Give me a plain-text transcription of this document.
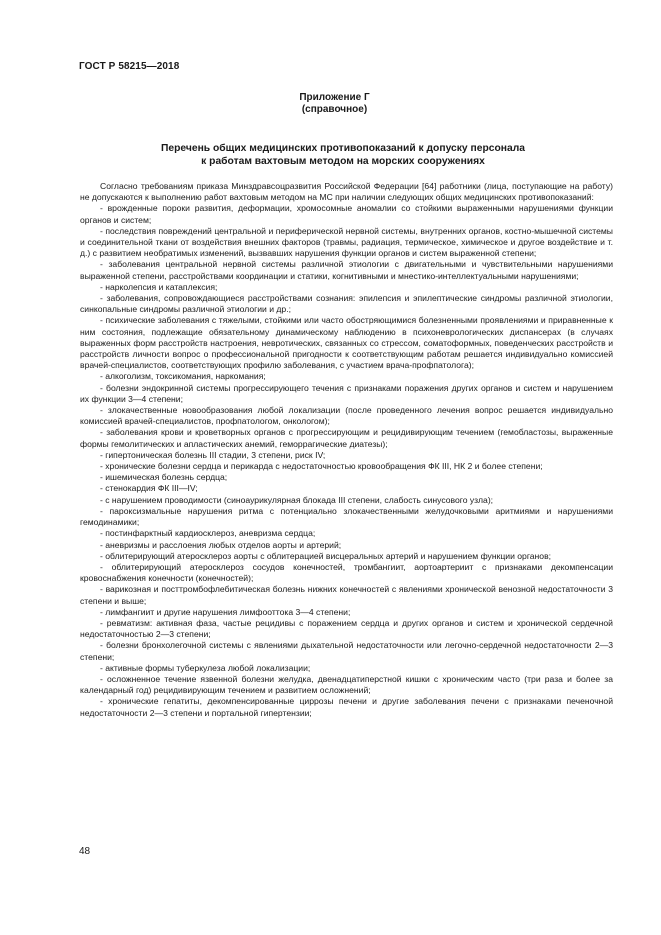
ГОСТ Р 58215—2018
Приложение Г
(справочное)
Перечень общих медицинских противопоказаний к допуску персонала
к работам вахтовым методом на морских сооружениях

Согласно требованиям приказа Минздравсоцразвития Российской Федерации [64] работники (лица, поступающие на работу) не допускаются к выполнению работ вахтовым методом на МС при наличии следующих общих медицинских противопоказаний:

- врожденные пороки развития, деформации, хромосомные аномалии со стойкими выраженными нарушениями функции органов и систем;

- последствия повреждений центральной и периферической нервной системы, внутренних органов, костно-мышечной системы и соединительной ткани от воздействия внешних факторов (травмы, радиация, термическое, химическое и другое воздействие и т. д.) с развитием необратимых изменений, вызвавших нарушения функции органов и систем выраженной степени;

- заболевания центральной нервной системы различной этиологии с двигательными и чувствительными нарушениями выраженной степени, расстройствами координации и статики, когнитивными и мнестико-интеллектуальными нарушениями;

- нарколепсия и катаплексия;

- заболевания, сопровождающиеся расстройствами сознания: эпилепсия и эпилептические синдромы различной этиологии, синкопальные синдромы различной этиологии и др.;

- психические заболевания с тяжелыми, стойкими или часто обостряющимися болезненными проявлениями и приравненные к ним состояния, подлежащие обязательному динамическому наблюдению в психоневрологических диспансерах (в случаях выраженных форм расстройств настроения, невротических, связанных со стрессом, соматоформных, поведенческих расстройств и расстройств личности вопрос о профессиональной пригодности к соответствующим работам решается индивидуально комиссией врачей-специалистов, соответствующих профилю заболевания, с участием врача-профпатолога);

- алкоголизм, токсикомания, наркомания;

- болезни эндокринной системы прогрессирующего течения с признаками поражения других органов и систем и нарушением их функции 3—4 степени;

- злокачественные новообразования любой локализации (после проведенного лечения вопрос решается индивидуально комиссией врачей-специалистов, профпатологом, онкологом);

- заболевания крови и кроветворных органов с прогрессирующим и рецидивирующим течением (гемобластозы, выраженные формы гемолитических и апластических анемий, геморрагические диатезы);

- гипертоническая болезнь III стадии, 3 степени, риск IV;

- хронические болезни сердца и перикарда с недостаточностью кровообращения ФК III, НК 2 и более степени;

- ишемическая болезнь сердца;

- стенокардия ФК III—IV;

- с нарушением проводимости (синоаурикулярная блокада III степени, слабость синусового узла);

- пароксизмальные нарушения ритма с потенциально злокачественными желудочковыми аритмиями и нарушениями гемодинамики;

- постинфарктный кардиосклероз, аневризма сердца;

- аневризмы и расслоения любых отделов аорты и артерий;

- облитерирующий атеросклероз аорты с облитерацией висцеральных артерий и нарушением функции органов;

- облитерирующий атеросклероз сосудов конечностей, тромбангиит, аортоартериит с признаками декомпенсации кровоснабжения конечности (конечностей);

- варикозная и посттромбофлебитическая болезнь нижних конечностей с явлениями хронической венозной недостаточности 3 степени и выше;

- лимфангиит и другие нарушения лимфооттока 3—4 степени;

- ревматизм: активная фаза, частые рецидивы с поражением сердца и других органов и систем и хронической сердечной недостаточностью 2—3 степени;

- болезни бронхолегочной системы с явлениями дыхательной недостаточности или легочно-сердечной недостаточности 2—3 степени;

- активные формы туберкулеза любой локализации;

- осложненное течение язвенной болезни желудка, двенадцатиперстной кишки с хроническим часто (три раза и более за календарный год) рецидивирующим течением и развитием осложнений;

- хронические гепатиты, декомпенсированные циррозы печени и другие заболевания печени с признаками печеночной недостаточности 2—3 степени и портальной гипертензии;

48
